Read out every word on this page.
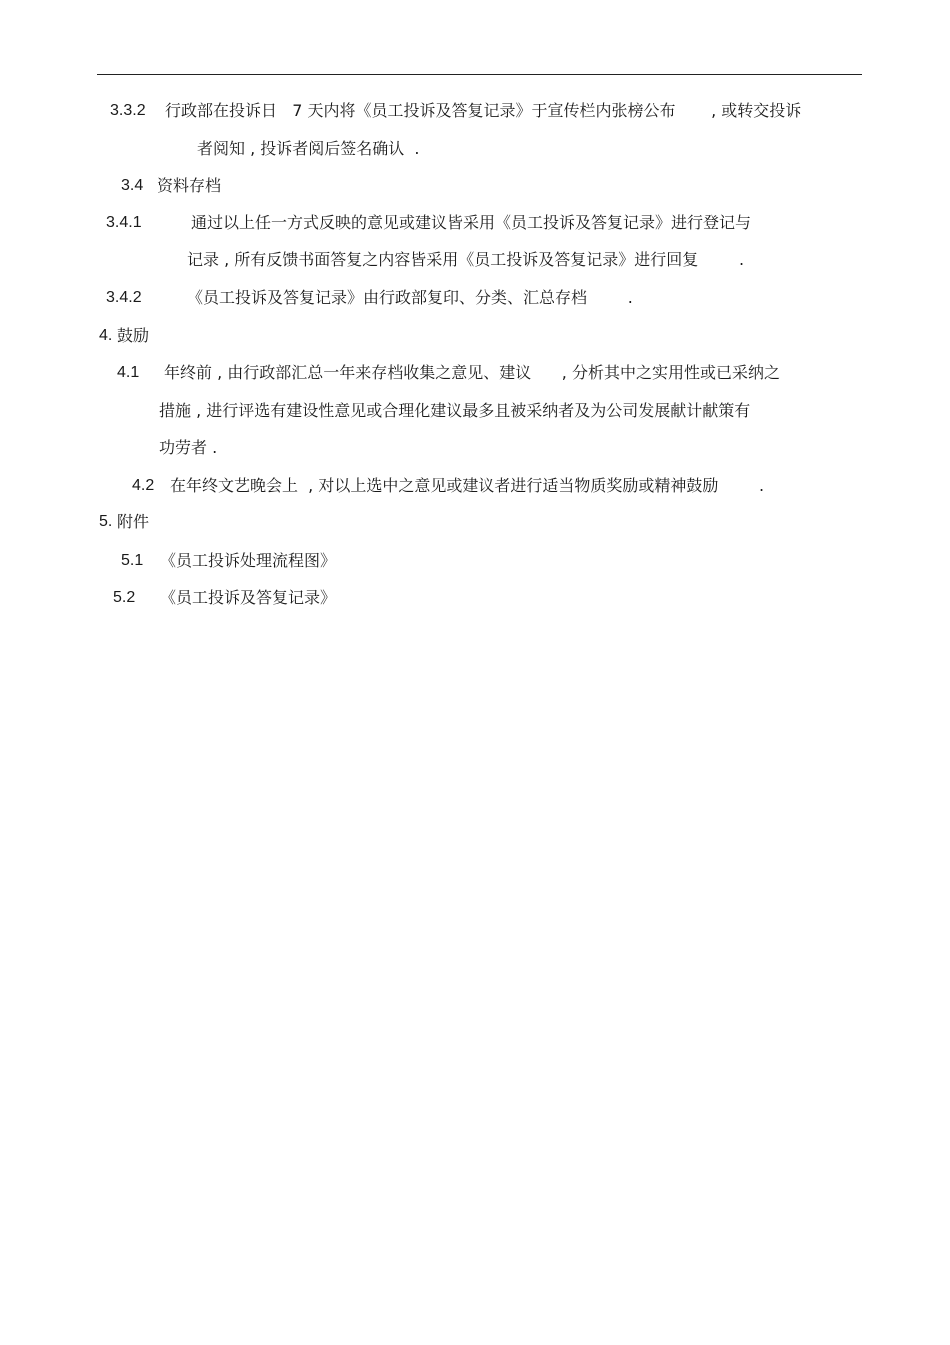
3.3.2 行政部在投诉日   7 天内将《员工投诉及答复记录》于宣传栏内张榜公布       , 或转交投诉
者阅知 , 投诉者阅后签名确认  .
3.4 资料存档
3.4.1	通过以上任一方式反映的意见或建议皆采用《员工投诉及答复记录》进行登记与
记录 , 所有反馈书面答复之内容皆采用《员工投诉及答复记录》进行回复        .
3.4.2	《员工投诉及答复记录》由行政部复印、分类、汇总存档        .
4. 鼓励
4.1 年终前 , 由行政部汇总一年来存档收集之意见、建议      , 分析其中之实用性或已采纳之
措施 , 进行评选有建设性意见或合理化建议最多且被采纳者及为公司发展献计献策有
功劳者 .
4.2 在年终文艺晚会上  , 对以上选中之意见或建议者进行适当物质奖励或精神鼓励        .
5. 附件
5.1 《员工投诉处理流程图》
5.2 《员工投诉及答复记录》
